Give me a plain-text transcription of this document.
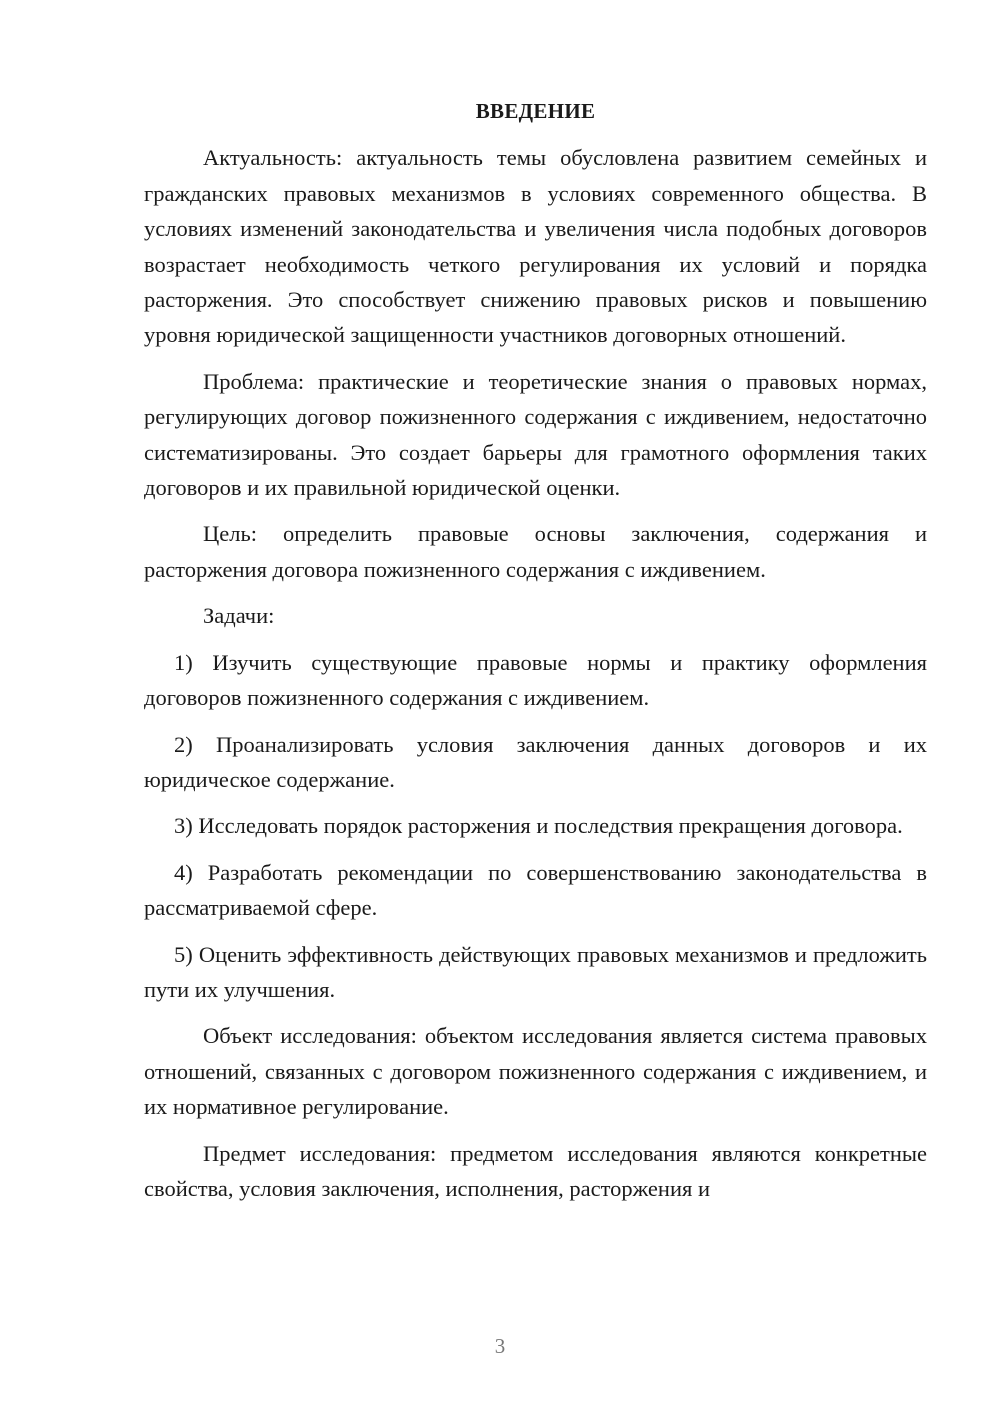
ВВЕДЕНИЕ

Актуальность: актуальность темы обусловлена развитием семейных и гражданских правовых механизмов в условиях современного общества. В условиях изменений законодательства и увеличения числа подобных договоров возрастает необходимость четкого регулирования их условий и порядка расторжения. Это способствует снижению правовых рисков и повышению уровня юридической защищенности участников договорных отношений.

Проблема: практические и теоретические знания о правовых нормах, регулирующих договор пожизненного содержания с иждивением, недостаточно систематизированы. Это создает барьеры для грамотного оформления таких договоров и их правильной юридической оценки.

Цель: определить правовые основы заключения, содержания и расторжения договора пожизненного содержания с иждивением.

Задачи:

1) Изучить существующие правовые нормы и практику оформления договоров пожизненного содержания с иждивением.

2) Проанализировать условия заключения данных договоров и их юридическое содержание.

3) Исследовать порядок расторжения и последствия прекращения договора.

4) Разработать рекомендации по совершенствованию законодательства в рассматриваемой сфере.

5) Оценить эффективность действующих правовых механизмов и предложить пути их улучшения.

Объект исследования: объектом исследования является система правовых отношений, связанных с договором пожизненного содержания с иждивением, и их нормативное регулирование.

Предмет исследования: предметом исследования являются конкретные свойства, условия заключения, исполнения, расторжения и

3
